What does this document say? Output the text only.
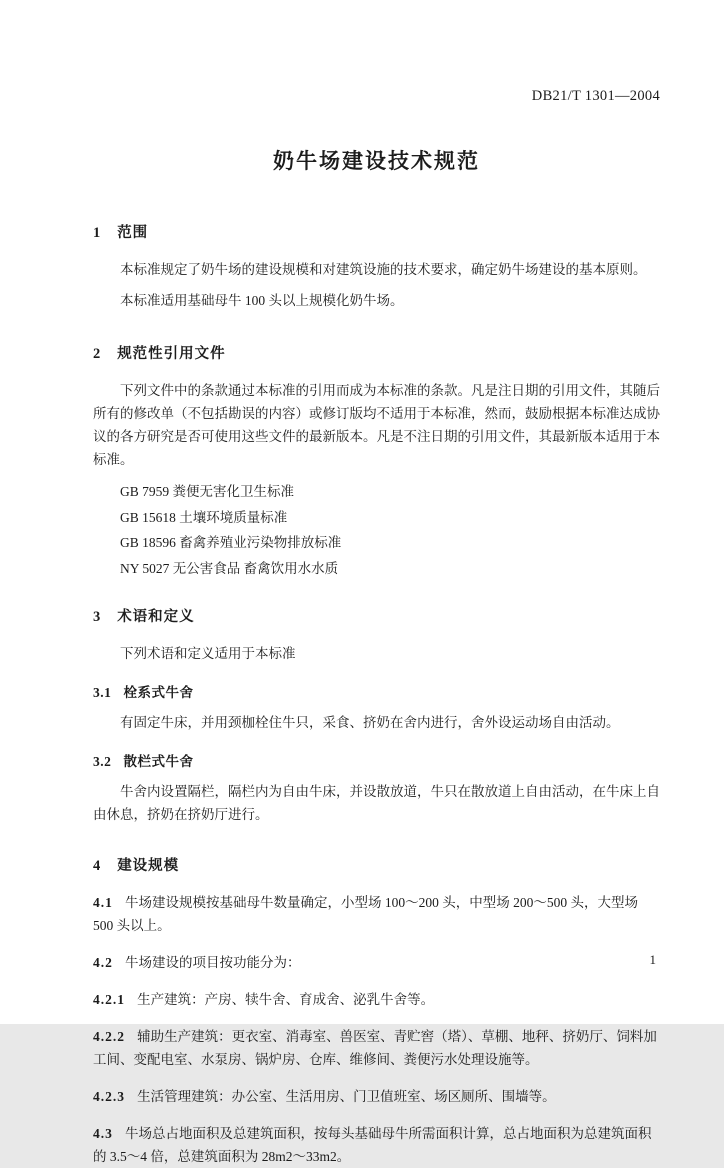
DB21/T 1301—2004
奶牛场建设技术规范
1 范围

本标准规定了奶牛场的建设规模和对建筑设施的技术要求，确定奶牛场建设的基本原则。

本标准适用基础母牛 100 头以上规模化奶牛场。

2 规范性引用文件

下列文件中的条款通过本标准的引用而成为本标准的条款。凡是注日期的引用文件，其随后所有的修改单（不包括勘误的内容）或修订版均不适用于本标准，然而，鼓励根据本标准达成协议的各方研究是否可使用这些文件的最新版本。凡是不注日期的引用文件，其最新版本适用于本标准。

GB 7959 粪便无害化卫生标准

GB 15618 土壤环境质量标准

GB 18596 畜禽养殖业污染物排放标准

NY 5027 无公害食品 畜禽饮用水水质

3 术语和定义

下列术语和定义适用于本标准

3.1 栓系式牛舍

有固定牛床，并用颈枷栓住牛只，采食、挤奶在舍内进行，舍外设运动场自由活动。

3.2 散栏式牛舍

牛舍内设置隔栏，隔栏内为自由牛床，并设散放道，牛只在散放道上自由活动，在牛床上自由休息，挤奶在挤奶厅进行。

4 建设规模

4.1 牛场建设规模按基础母牛数量确定，小型场 100～200 头，中型场 200～500 头，大型场 500 头以上。

4.2 牛场建设的项目按功能分为：

4.2.1 生产建筑：产房、犊牛舍、育成舍、泌乳牛舍等。

4.2.2 辅助生产建筑：更衣室、消毒室、兽医室、青贮窖（塔）、草棚、地秤、挤奶厅、饲料加工间、变配电室、水泵房、锅炉房、仓库、维修间、粪便污水处理设施等。

4.2.3 生活管理建筑：办公室、生活用房、门卫值班室、场区厕所、围墙等。

4.3 牛场总占地面积及总建筑面积，按每头基础母牛所需面积计算，总占地面积为总建筑面积的 3.5～4 倍，总建筑面积为 28m2～33m2。

1
